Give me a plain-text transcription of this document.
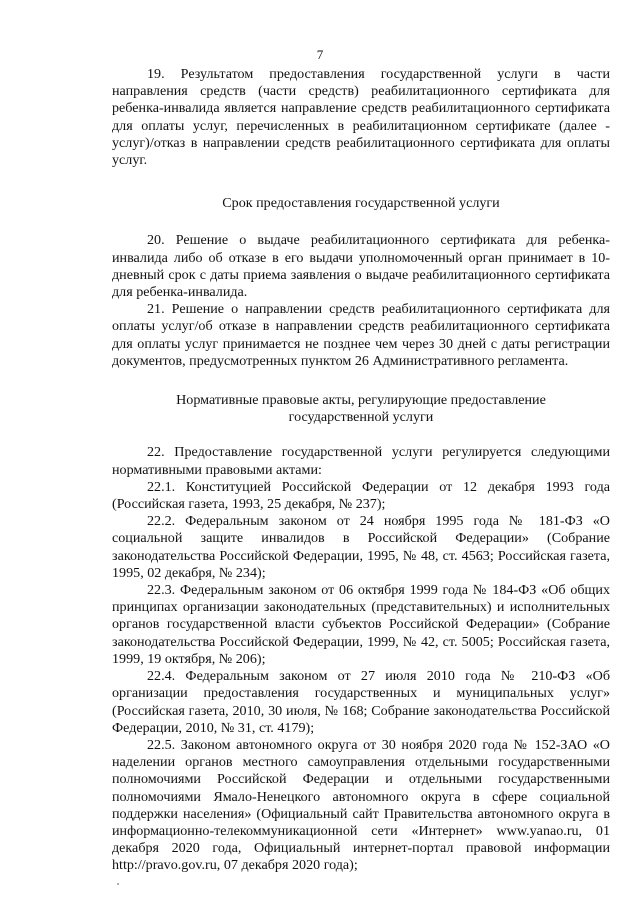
7

19. Результатом предоставления государственной услуги в части направления средств (части средств) реабилитационного сертификата для ребенка-инвалида является направление средств реабилитационного сертификата для оплаты услуг, перечисленных в реабилитационном сертификате (далее - услуг)/отказ в направлении средств реабилитационного сертификата для оплаты услуг.

Срок предоставления государственной услуги

20. Решение о выдаче реабилитационного сертификата для ребенка-инвалида либо об отказе в его выдачи уполномоченный орган принимает в 10-дневный срок с даты приема заявления о выдаче реабилитационного сертификата для ребенка-инвалида.

21. Решение о направлении средств реабилитационного сертификата для оплаты услуг/об отказе в направлении средств реабилитационного сертификата для оплаты услуг принимается не позднее чем через 30 дней с даты регистрации документов, предусмотренных пунктом 26 Административного регламента.

Нормативные правовые акты, регулирующие предоставление
государственной услуги

22. Предоставление государственной услуги регулируется следующими нормативными правовыми актами:

22.1. Конституцией Российской Федерации от 12 декабря 1993 года (Российская газета, 1993, 25 декабря, № 237);

22.2. Федеральным законом от 24 ноября 1995 года № 181-ФЗ «О социальной защите инвалидов в Российской Федерации» (Собрание законодательства Российской Федерации, 1995, № 48, ст. 4563; Российская газета, 1995, 02 декабря, № 234);

22.3. Федеральным законом от 06 октября 1999 года № 184-ФЗ «Об общих принципах организации законодательных (представительных) и исполнительных органов государственной власти субъектов Российской Федерации» (Собрание законодательства Российской Федерации, 1999, № 42, ст. 5005; Российская газета, 1999, 19 октября, № 206);

22.4. Федеральным законом от 27 июля 2010 года № 210-ФЗ «Об организации предоставления государственных и муниципальных услуг» (Российская газета, 2010, 30 июля, № 168; Собрание законодательства Российской Федерации, 2010, № 31, ст. 4179);

22.5. Законом автономного округа от 30 ноября 2020 года № 152-ЗАО «О наделении органов местного самоуправления отдельными государственными полномочиями Российской Федерации и отдельными государственными полномочиями Ямало-Ненецкого автономного округа в сфере социальной поддержки населения» (Официальный сайт Правительства автономного округа в информационно-телекоммуникационной сети «Интернет» www.yanao.ru, 01 декабря 2020 года, Официальный интернет-портал правовой информации http://pravo.gov.ru, 07 декабря 2020 года);
